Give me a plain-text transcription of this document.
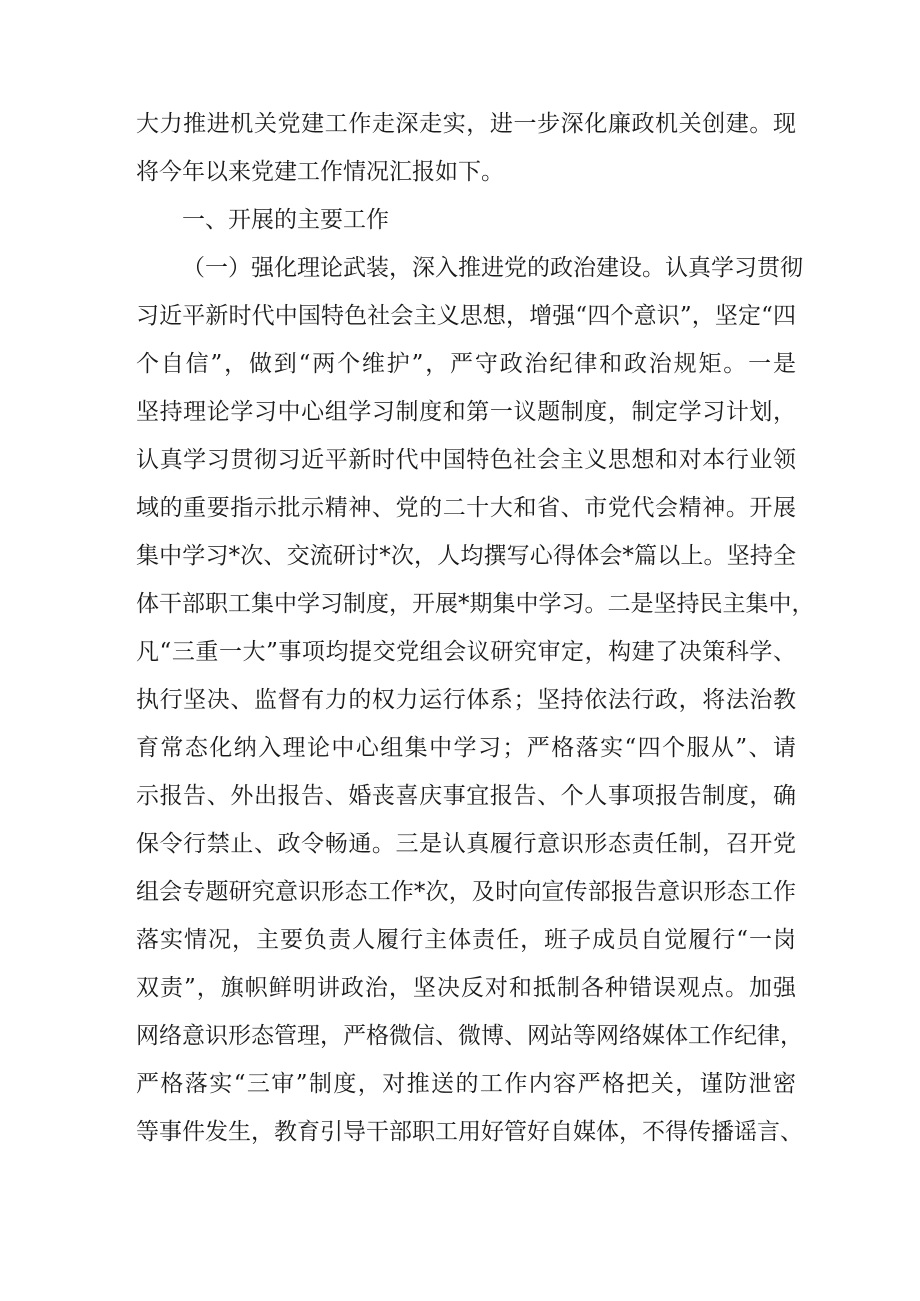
大力推进机关党建工作走深走实，进一步深化廉政机关创建。现
将今年以来党建工作情况汇报如下。
一、开展的主要工作
（一）强化理论武装，深入推进党的政治建设。认真学习贯彻
习近平新时代中国特色社会主义思想，增强“四个意识”，坚定“四
个自信”，做到“两个维护”，严守政治纪律和政治规矩。一是
坚持理论学习中心组学习制度和第一议题制度，制定学习计划，
认真学习贯彻习近平新时代中国特色社会主义思想和对本行业领
域的重要指示批示精神、党的二十大和省、市党代会精神。开展
集中学习*次、交流研讨*次，人均撰写心得体会*篇以上。坚持全
体干部职工集中学习制度，开展*期集中学习。二是坚持民主集中，
凡“三重一大”事项均提交党组会议研究审定，构建了决策科学、
执行坚决、监督有力的权力运行体系；坚持依法行政，将法治教
育常态化纳入理论中心组集中学习；严格落实“四个服从”、请
示报告、外出报告、婚丧喜庆事宜报告、个人事项报告制度，确
保令行禁止、政令畅通。三是认真履行意识形态责任制，召开党
组会专题研究意识形态工作*次，及时向宣传部报告意识形态工作
落实情况，主要负责人履行主体责任，班子成员自觉履行“一岗
双责”，旗帜鲜明讲政治，坚决反对和抵制各种错误观点。加强
网络意识形态管理，严格微信、微博、网站等网络媒体工作纪律，
严格落实“三审”制度，对推送的工作内容严格把关，谨防泄密
等事件发生，教育引导干部职工用好管好自媒体，不得传播谣言、
